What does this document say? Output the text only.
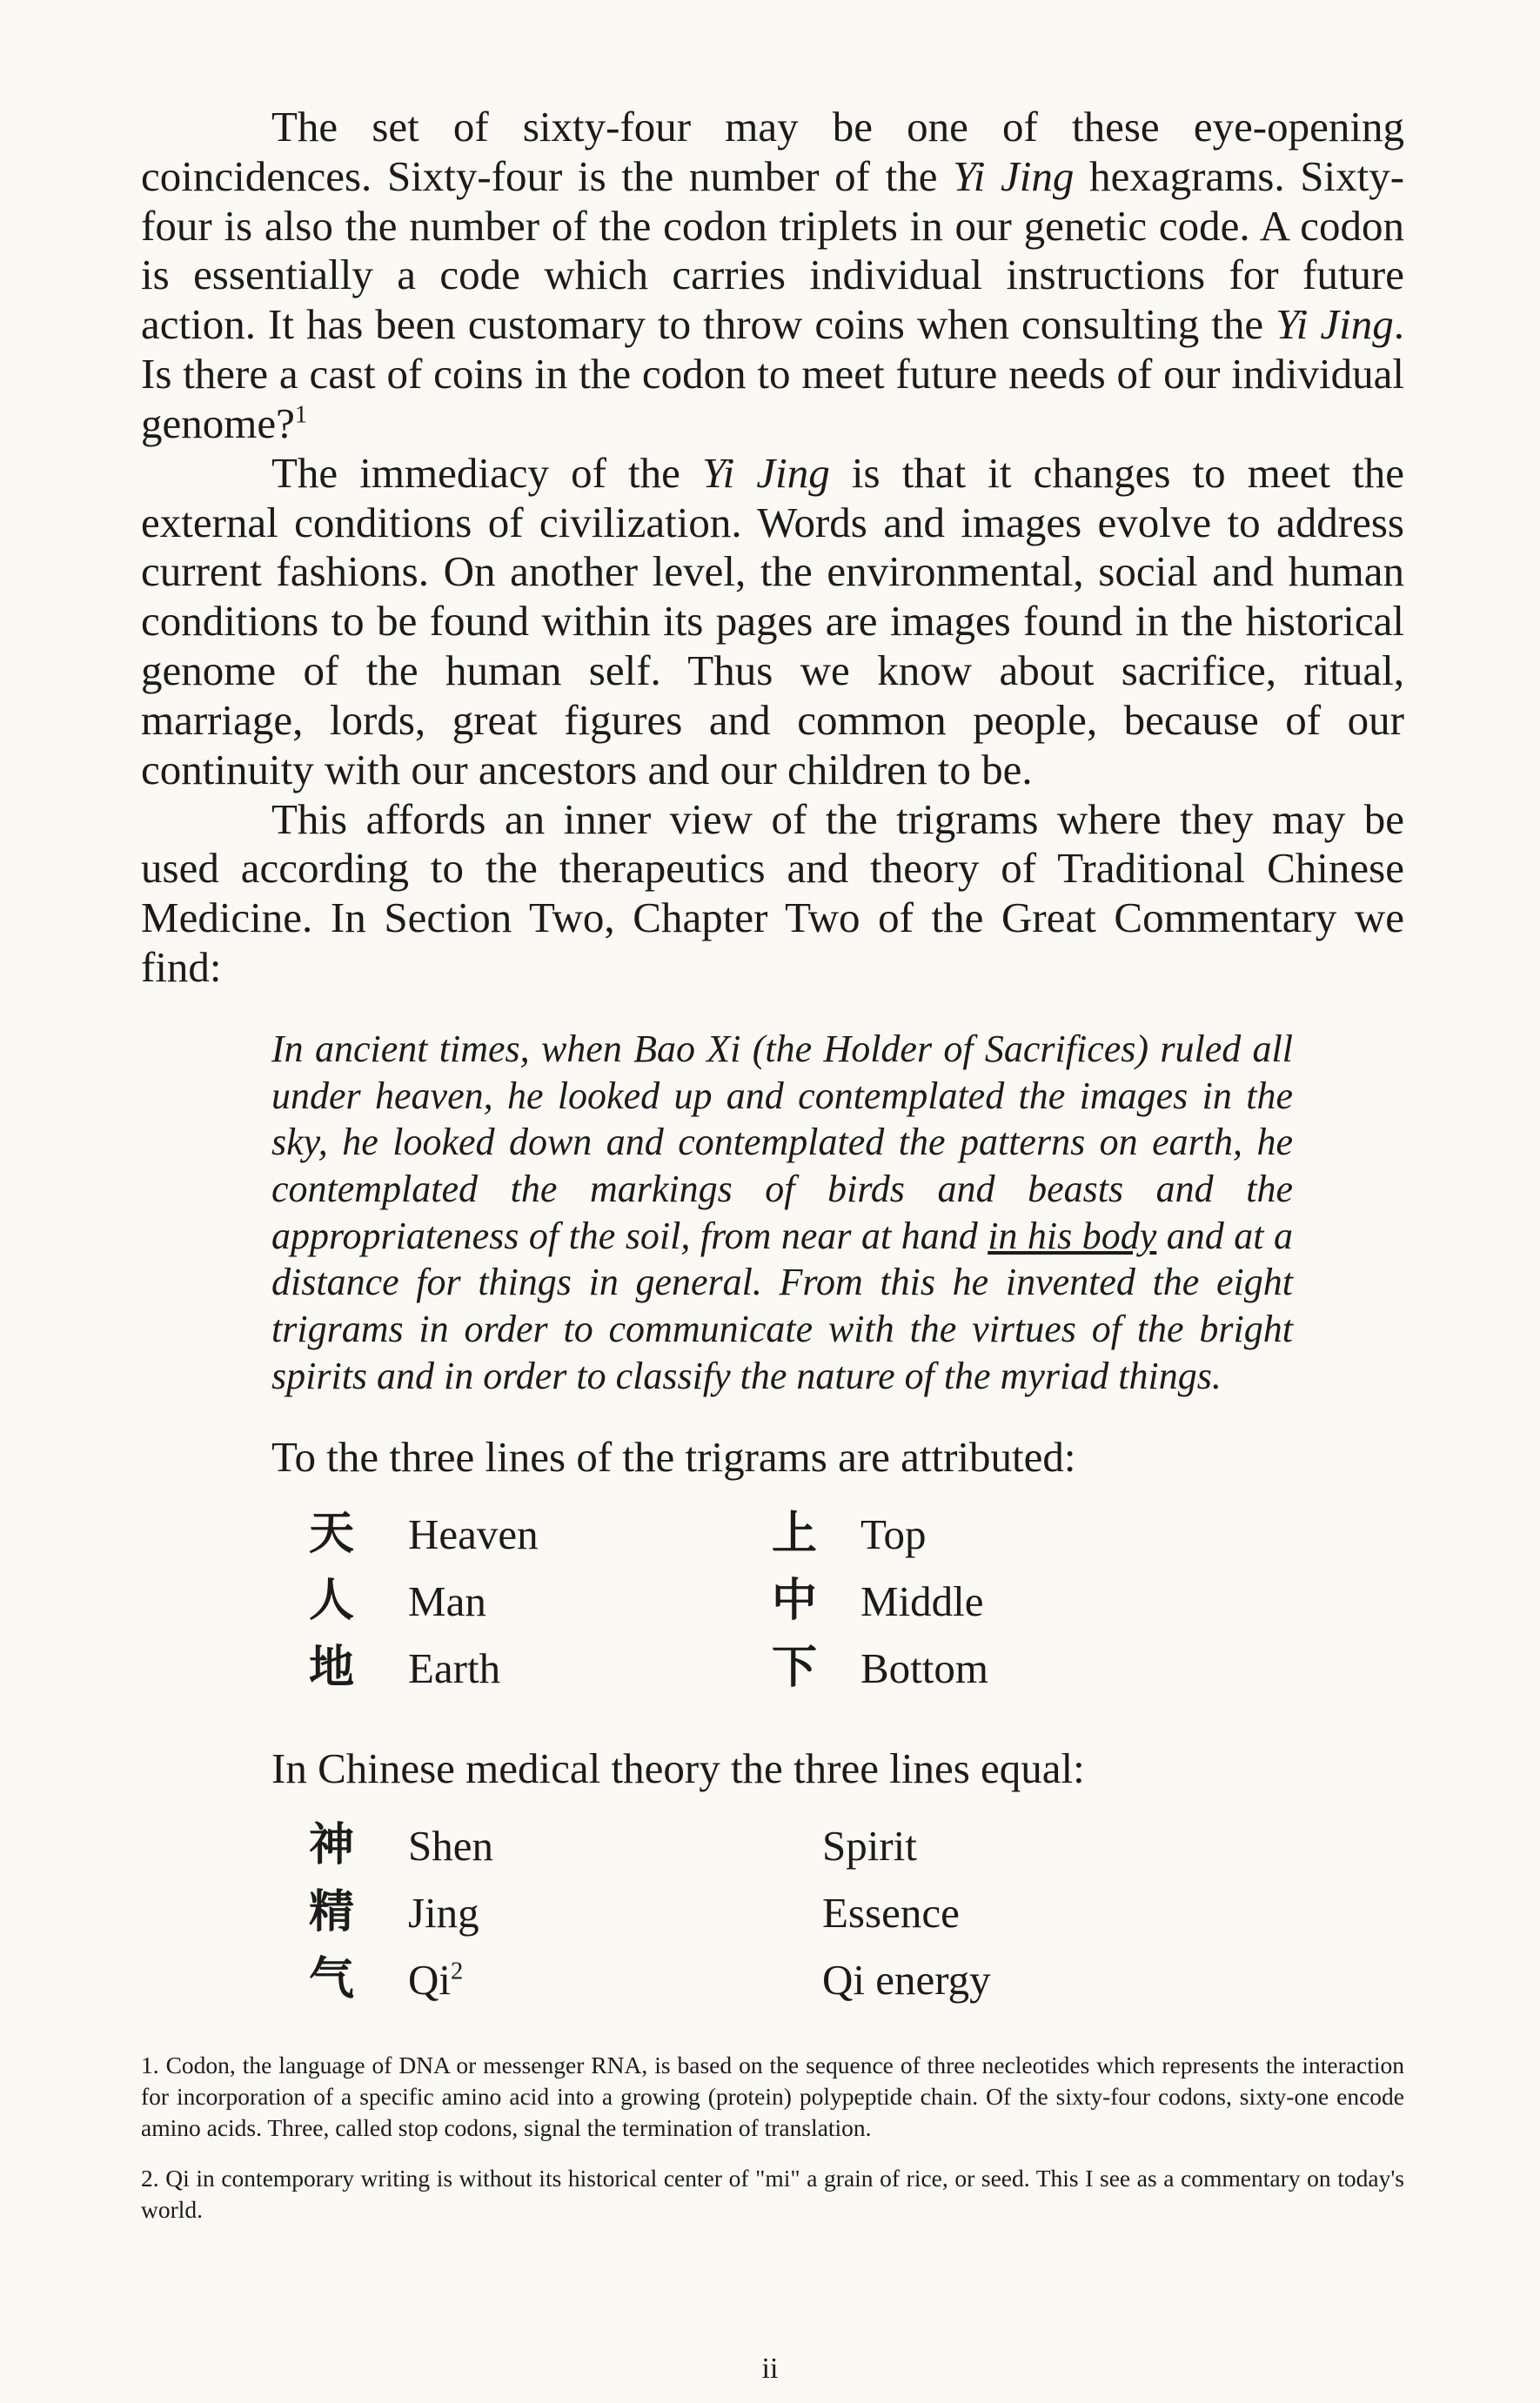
The set of sixty-four may be one of these eye-opening coincidences. Sixty-four is the number of the Yi Jing hexagrams. Sixty-four is also the number of the codon triplets in our genetic code. A codon is essentially a code which carries individual instructions for future action. It has been customary to throw coins when consulting the Yi Jing. Is there a cast of coins in the codon to meet future needs of our individual genome?$^1$

The immediacy of the Yi Jing is that it changes to meet the external conditions of civilization. Words and images evolve to address current fashions. On another level, the environmental, social and human conditions to be found within its pages are images found in the historical genome of the human self. Thus we know about sacrifice, ritual, marriage, lords, great figures and common people, because of our continuity with our ancestors and our children to be.

This affords an inner view of the trigrams where they may be used according to the therapeutics and theory of Traditional Chinese Medicine. In Section Two, Chapter Two of the Great Commentary we find:

In ancient times, when Bao Xi (the Holder of Sacrifices) ruled all under heaven, he looked up and contemplated the images in the sky, he looked down and contemplated the patterns on earth, he contemplated the markings of birds and beasts and the appropriateness of the soil, from near at hand in his body and at a distance for things in general. From this he invented the eight trigrams in order to communicate with the virtues of the bright spirits and in order to classify the nature of the myriad things.

To the three lines of the trigrams are attributed:

天	Heaven	上	Top
人	Man	中	Middle
地	Earth	下	Bottom

In Chinese medical theory the three lines equal:

神	Shen	Spirit
精	Jing	Essence
气	Qi$^2$	Qi energy

1. Codon, the language of DNA or messenger RNA, is based on the sequence of three necleotides which represents the interaction for incorporation of a specific amino acid into a growing (protein) polypeptide chain. Of the sixty-four codons, sixty-one encode amino acids. Three, called stop codons, signal the termination of translation.

2. Qi in contemporary writing is without its historical center of "mi" a grain of rice, or seed. This I see as a commentary on today's world.

ii
